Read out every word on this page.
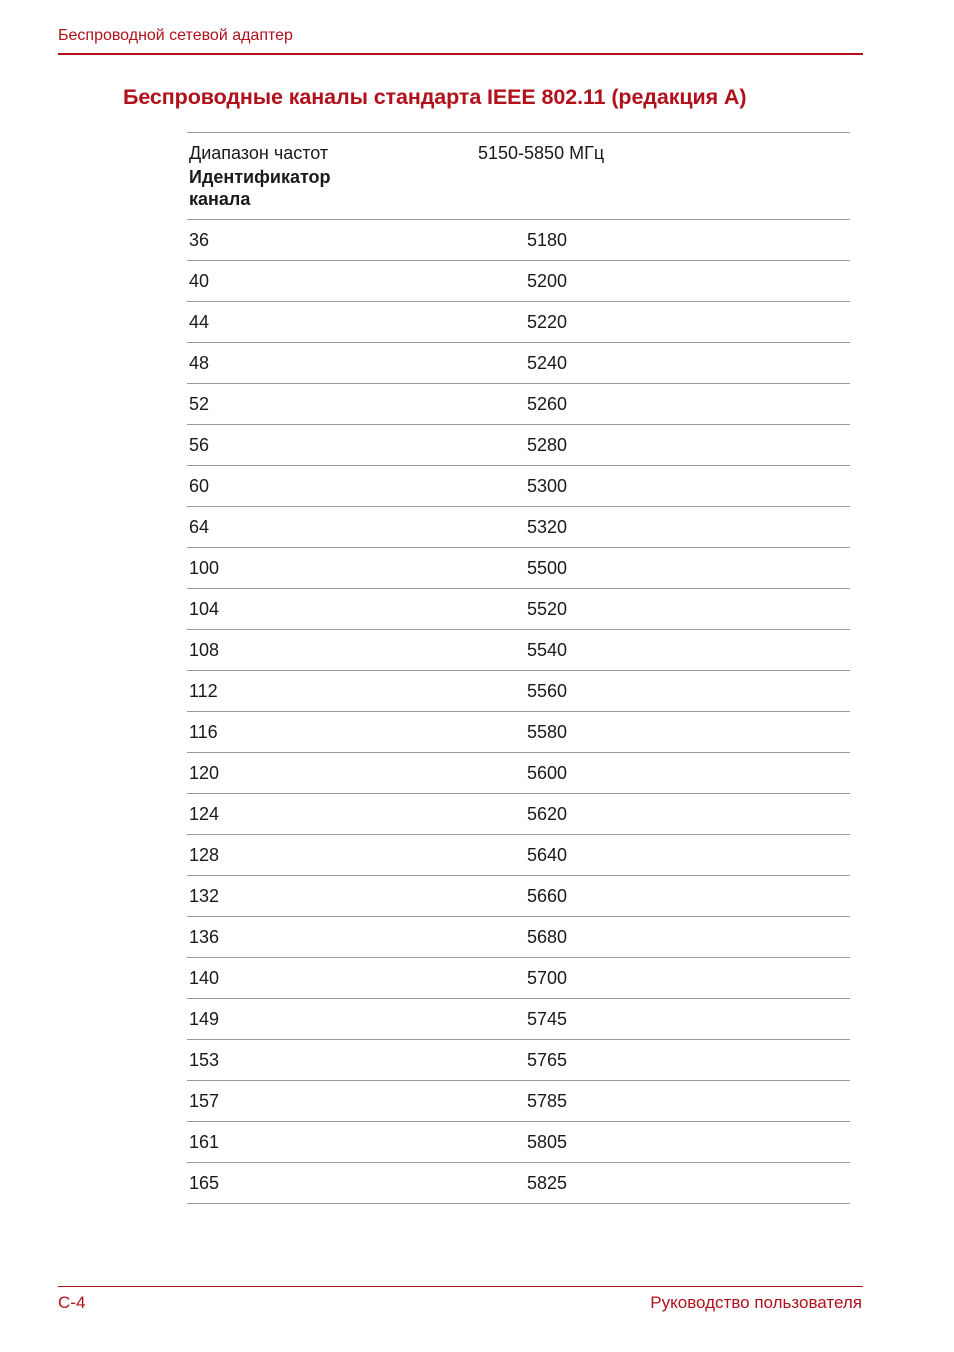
Беспроводной сетевой адаптер
Беспроводные каналы стандарта IEEE 802.11 (редакция A)
Диапазон частот	5150-5850 МГц
Идентификатор канала
36	5180
40	5200
44	5220
48	5240
52	5260
56	5280
60	5300
64	5320
100	5500
104	5520
108	5540
112	5560
116	5580
120	5600
124	5620
128	5640
132	5660
136	5680
140	5700
149	5745
153	5765
157	5785
161	5805
165	5825
C-4	Руководство пользователя
